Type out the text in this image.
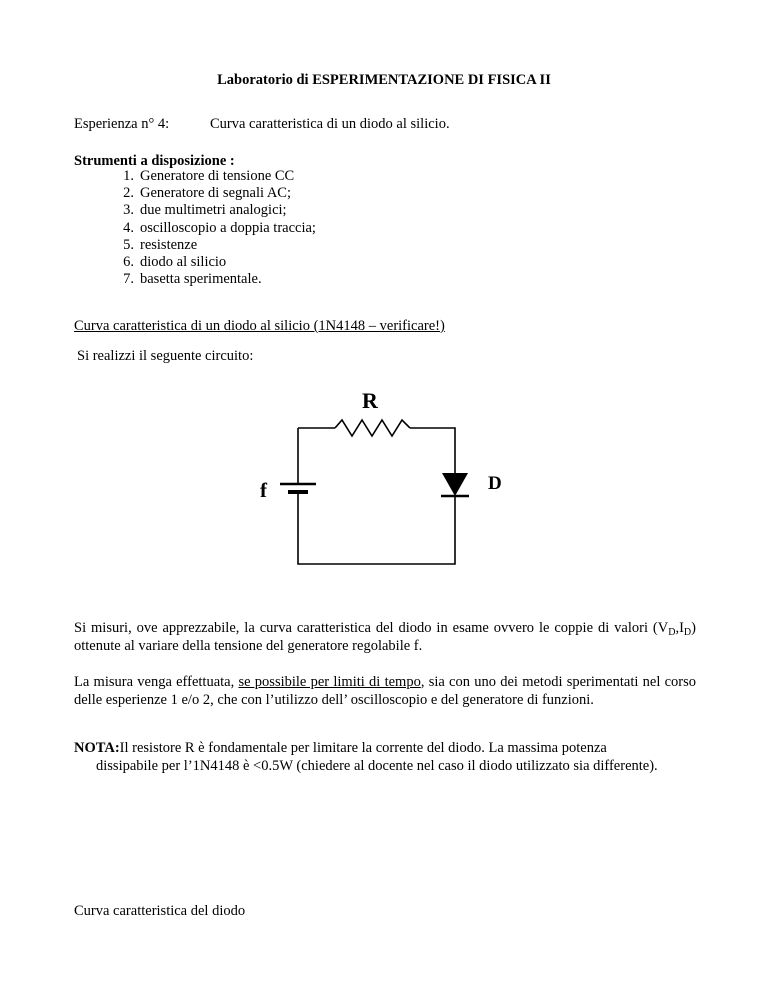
Laboratorio di ESPERIMENTAZIONE DI FISICA II
Esperienza n° 4:	Curva caratteristica di un diodo al silicio.
Strumenti a disposizione :
1. Generatore di tensione CC
2. Generatore di segnali AC;
3. due multimetri analogici;
4. oscilloscopio a doppia traccia;
5. resistenze
6. diodo al silicio
7. basetta sperimentale.
Curva caratteristica di un diodo al silicio (1N4148 – verificare!)
Si realizzi il seguente circuito:
R
D
f
Si misuri, ove apprezzabile, la curva caratteristica del diodo in esame ovvero le coppie di valori $(V_D,I_D)$ ottenute al variare della tensione del generatore regolabile f.
La misura venga effettuata, se possibile per limiti di tempo, sia con uno dei metodi sperimentati nel corso delle esperienze 1 e/o 2, che con l’utilizzo dell’ oscilloscopio e del generatore di funzioni.
NOTA:Il resistore R è fondamentale per limitare la corrente del diodo. La massima potenza
dissipabile per l’1N4148 è <0.5W (chiedere al docente nel caso il diodo utilizzato sia differente).
Curva caratteristica del diodo
